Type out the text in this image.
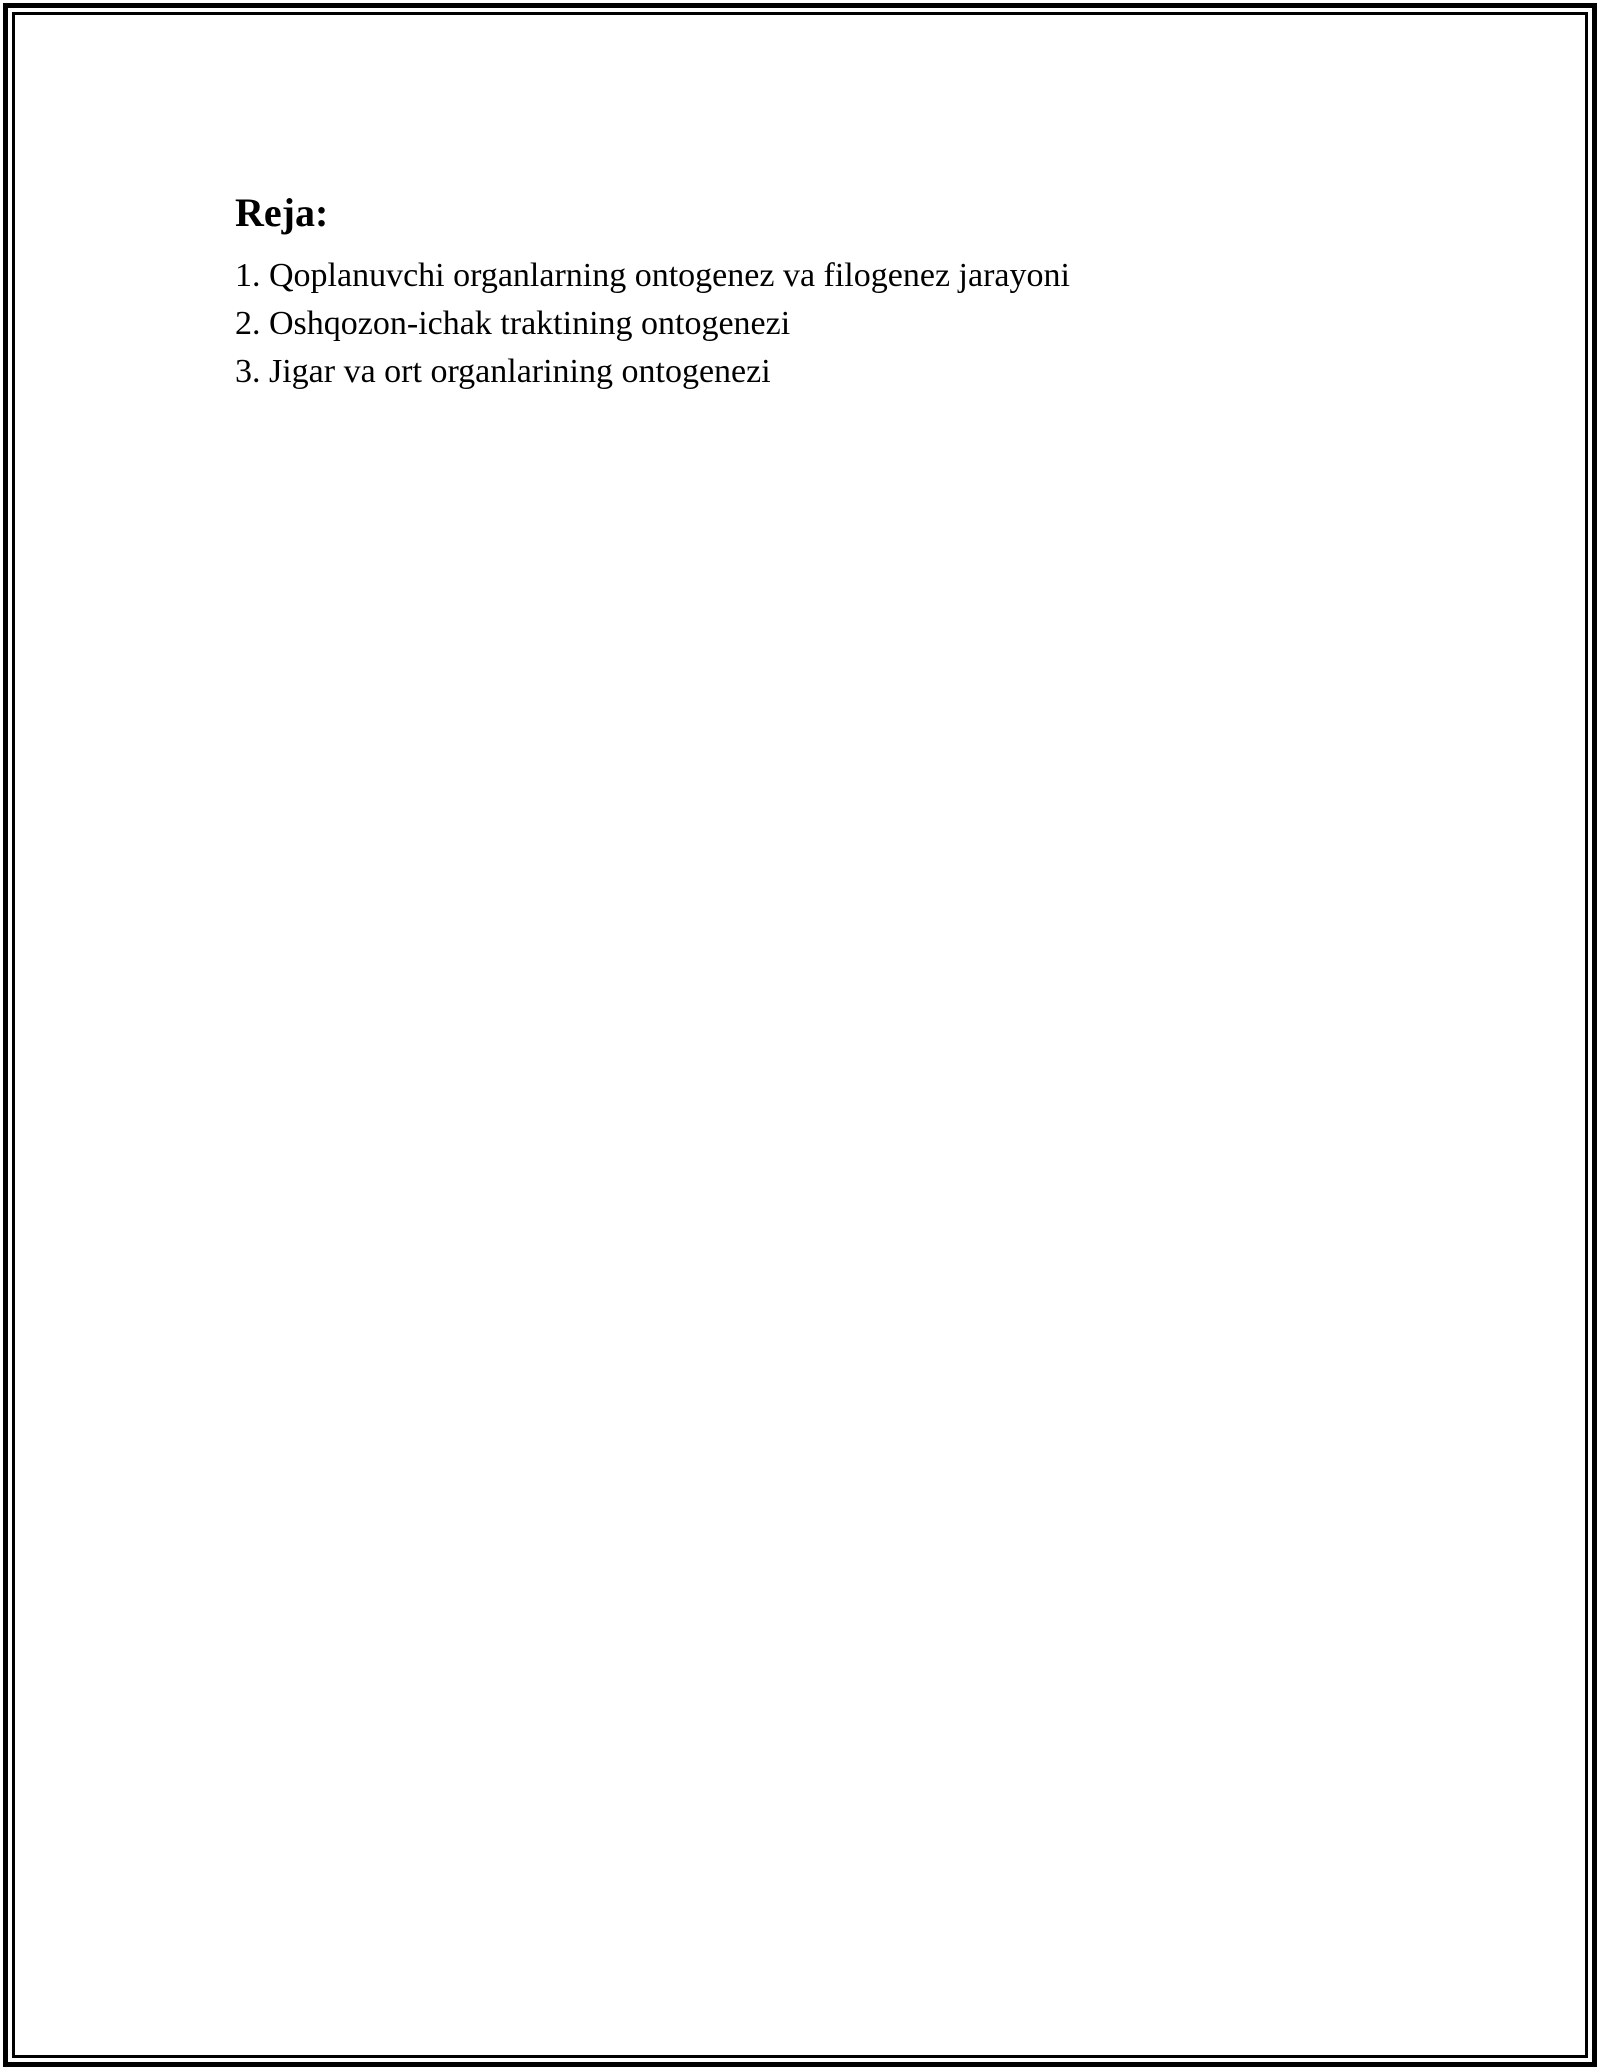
Reja:
1. Qoplanuvchi organlarning ontogenez va filogenez jarayoni
2. Oshqozon-ichak traktining ontogenezi
3. Jigar va ort organlarining ontogenezi
